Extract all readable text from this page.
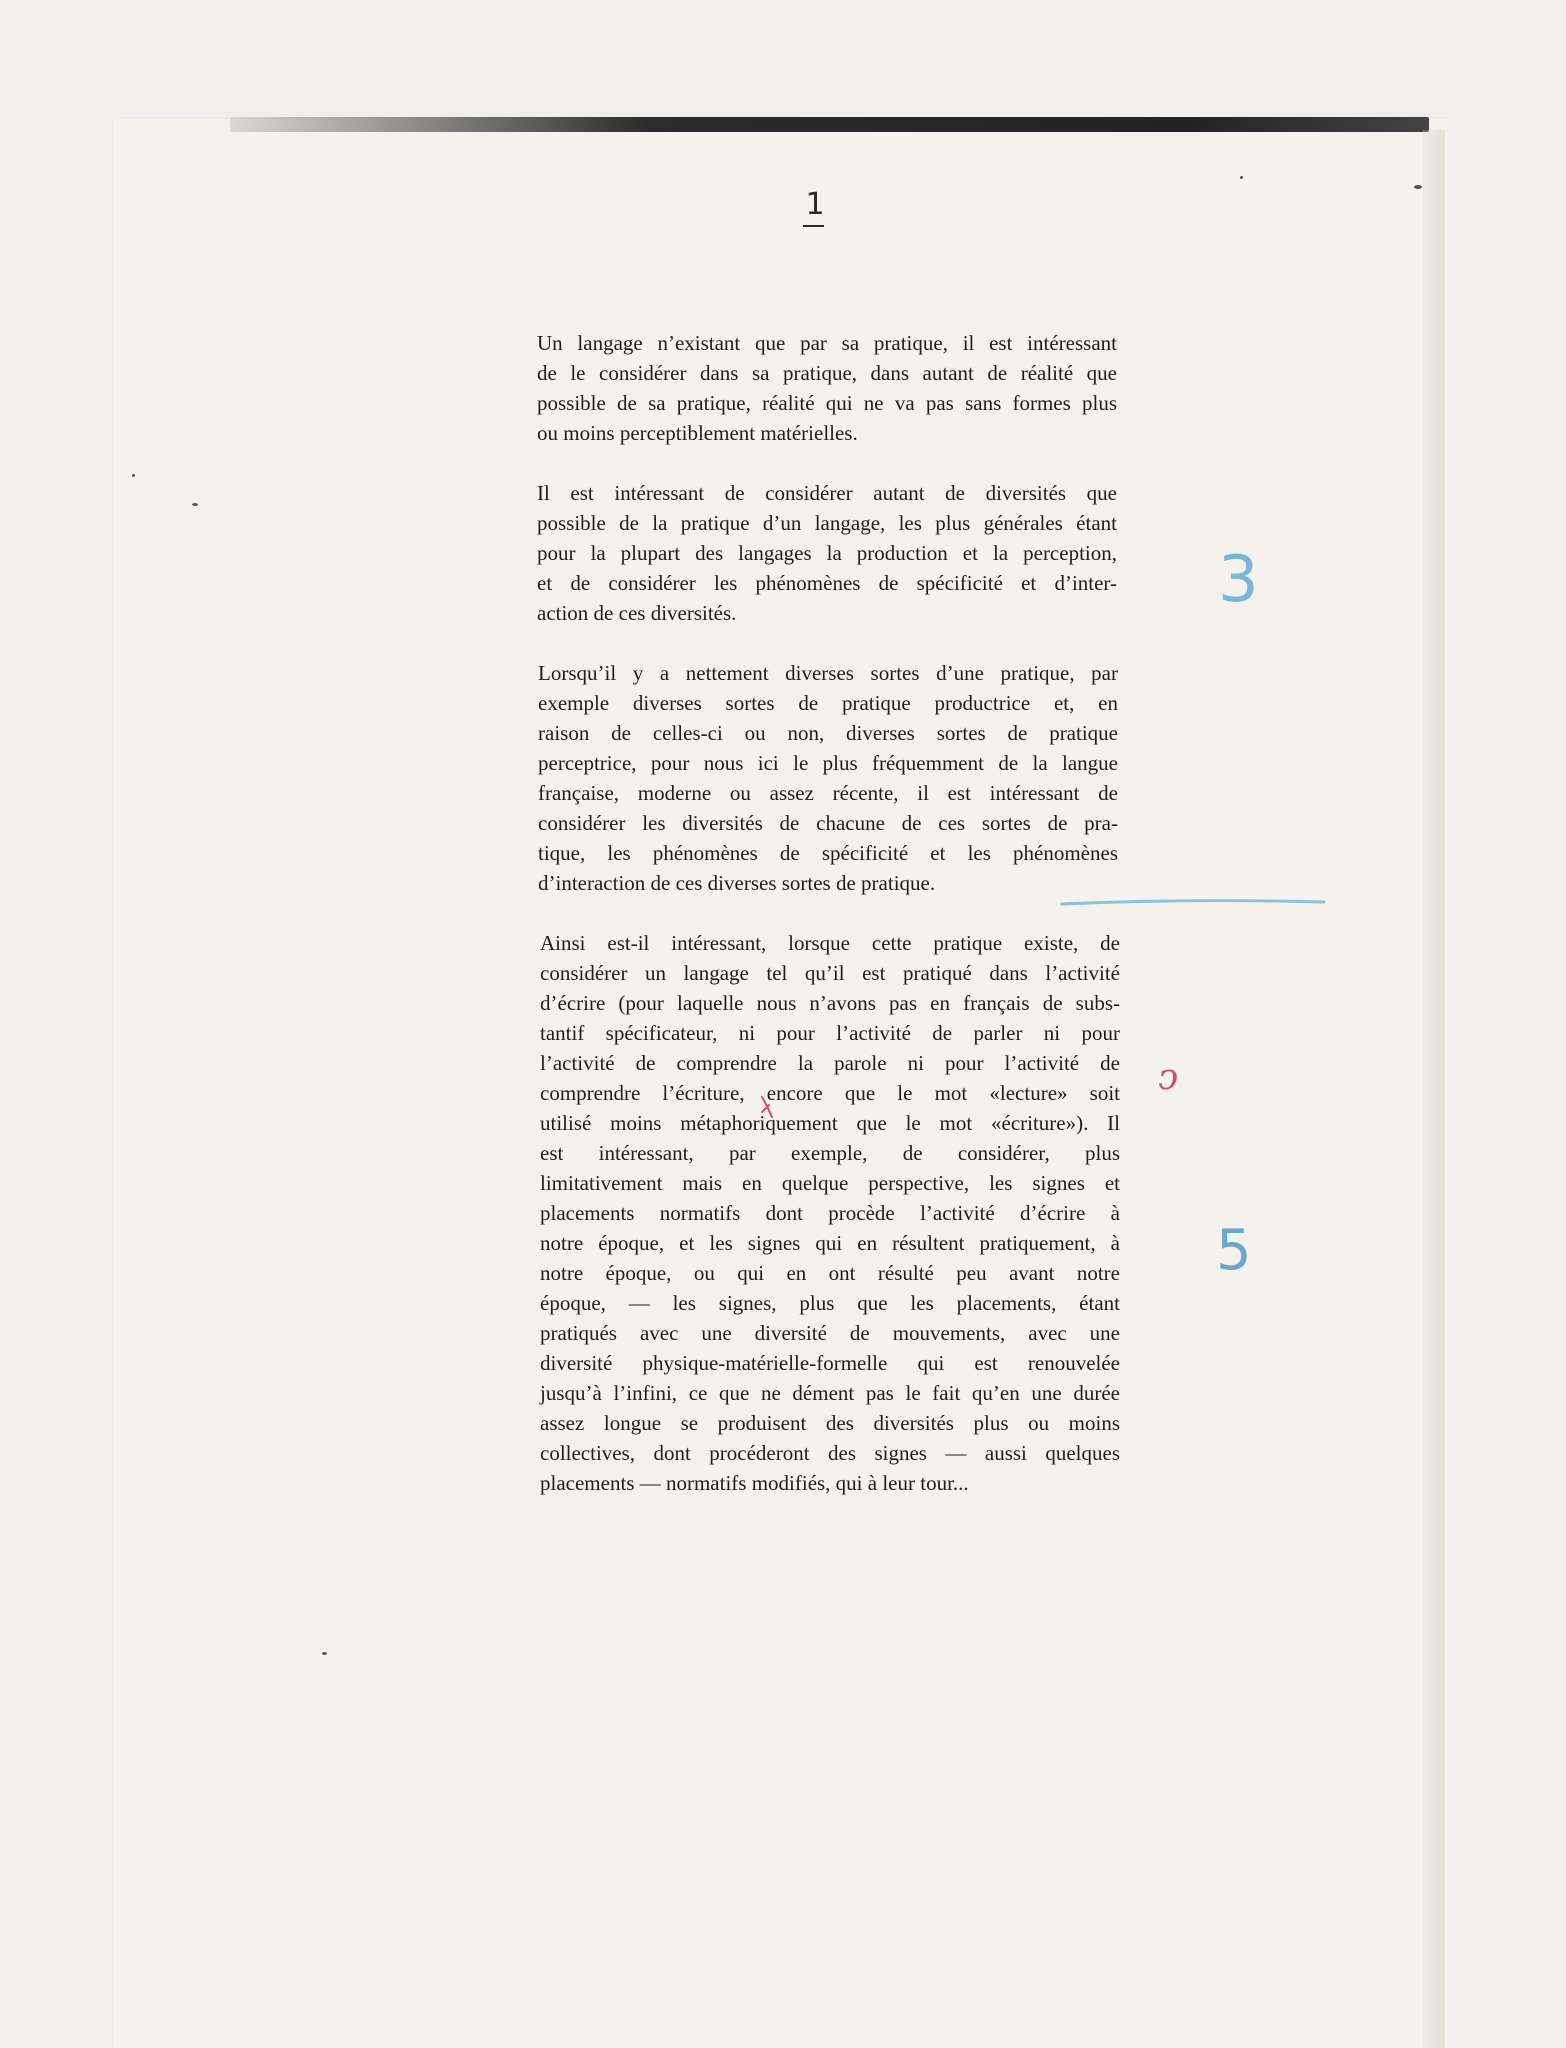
1
Un langage n’existant que par sa pratique, il est intéressant
de le considérer dans sa pratique, dans autant de réalité que
possible de sa pratique, réalité qui ne va pas sans formes plus
ou moins perceptiblement matérielles.
Il est intéressant de considérer autant de diversités que
possible de la pratique d’un langage, les plus générales étant
pour la plupart des langages la production et la perception,
et de considérer les phénomènes de spécificité et d’inter-
action de ces diversités.
Lorsqu’il y a nettement diverses sortes d’une pratique, par
exemple diverses sortes de pratique productrice et, en
raison de celles-ci ou non, diverses sortes de pratique
perceptrice, pour nous ici le plus fréquemment de la langue
française, moderne ou assez récente, il est intéressant de
considérer les diversités de chacune de ces sortes de pra-
tique, les phénomènes de spécificité et les phénomènes
d’interaction de ces diverses sortes de pratique.
Ainsi est-il intéressant, lorsque cette pratique existe, de
considérer un langage tel qu’il est pratiqué dans l’activité
d’écrire (pour laquelle nous n’avons pas en français de subs-
tantif spécificateur, ni pour l’activité de parler ni pour
l’activité de comprendre la parole ni pour l’activité de
comprendre l’écriture, encore que le mot «lecture» soit
utilisé moins métaphoriquement que le mot «écriture»). Il
est intéressant, par exemple, de considérer, plus
limitativement mais en quelque perspective, les signes et
placements normatifs dont procède l’activité d’écrire à
notre époque, et les signes qui en résultent pratiquement, à
notre époque, ou qui en ont résulté peu avant notre
époque, — les signes, plus que les placements, étant
pratiqués avec une diversité de mouvements, avec une
diversité physique-matérielle-formelle qui est renouvelée
jusqu’à l’infini, ce que ne dément pas le fait qu’en une durée
assez longue se produisent des diversités plus ou moins
collectives, dont procéderont des signes — aussi quelques
placements — normatifs modifiés, qui à leur tour...
3
ↄ
5
